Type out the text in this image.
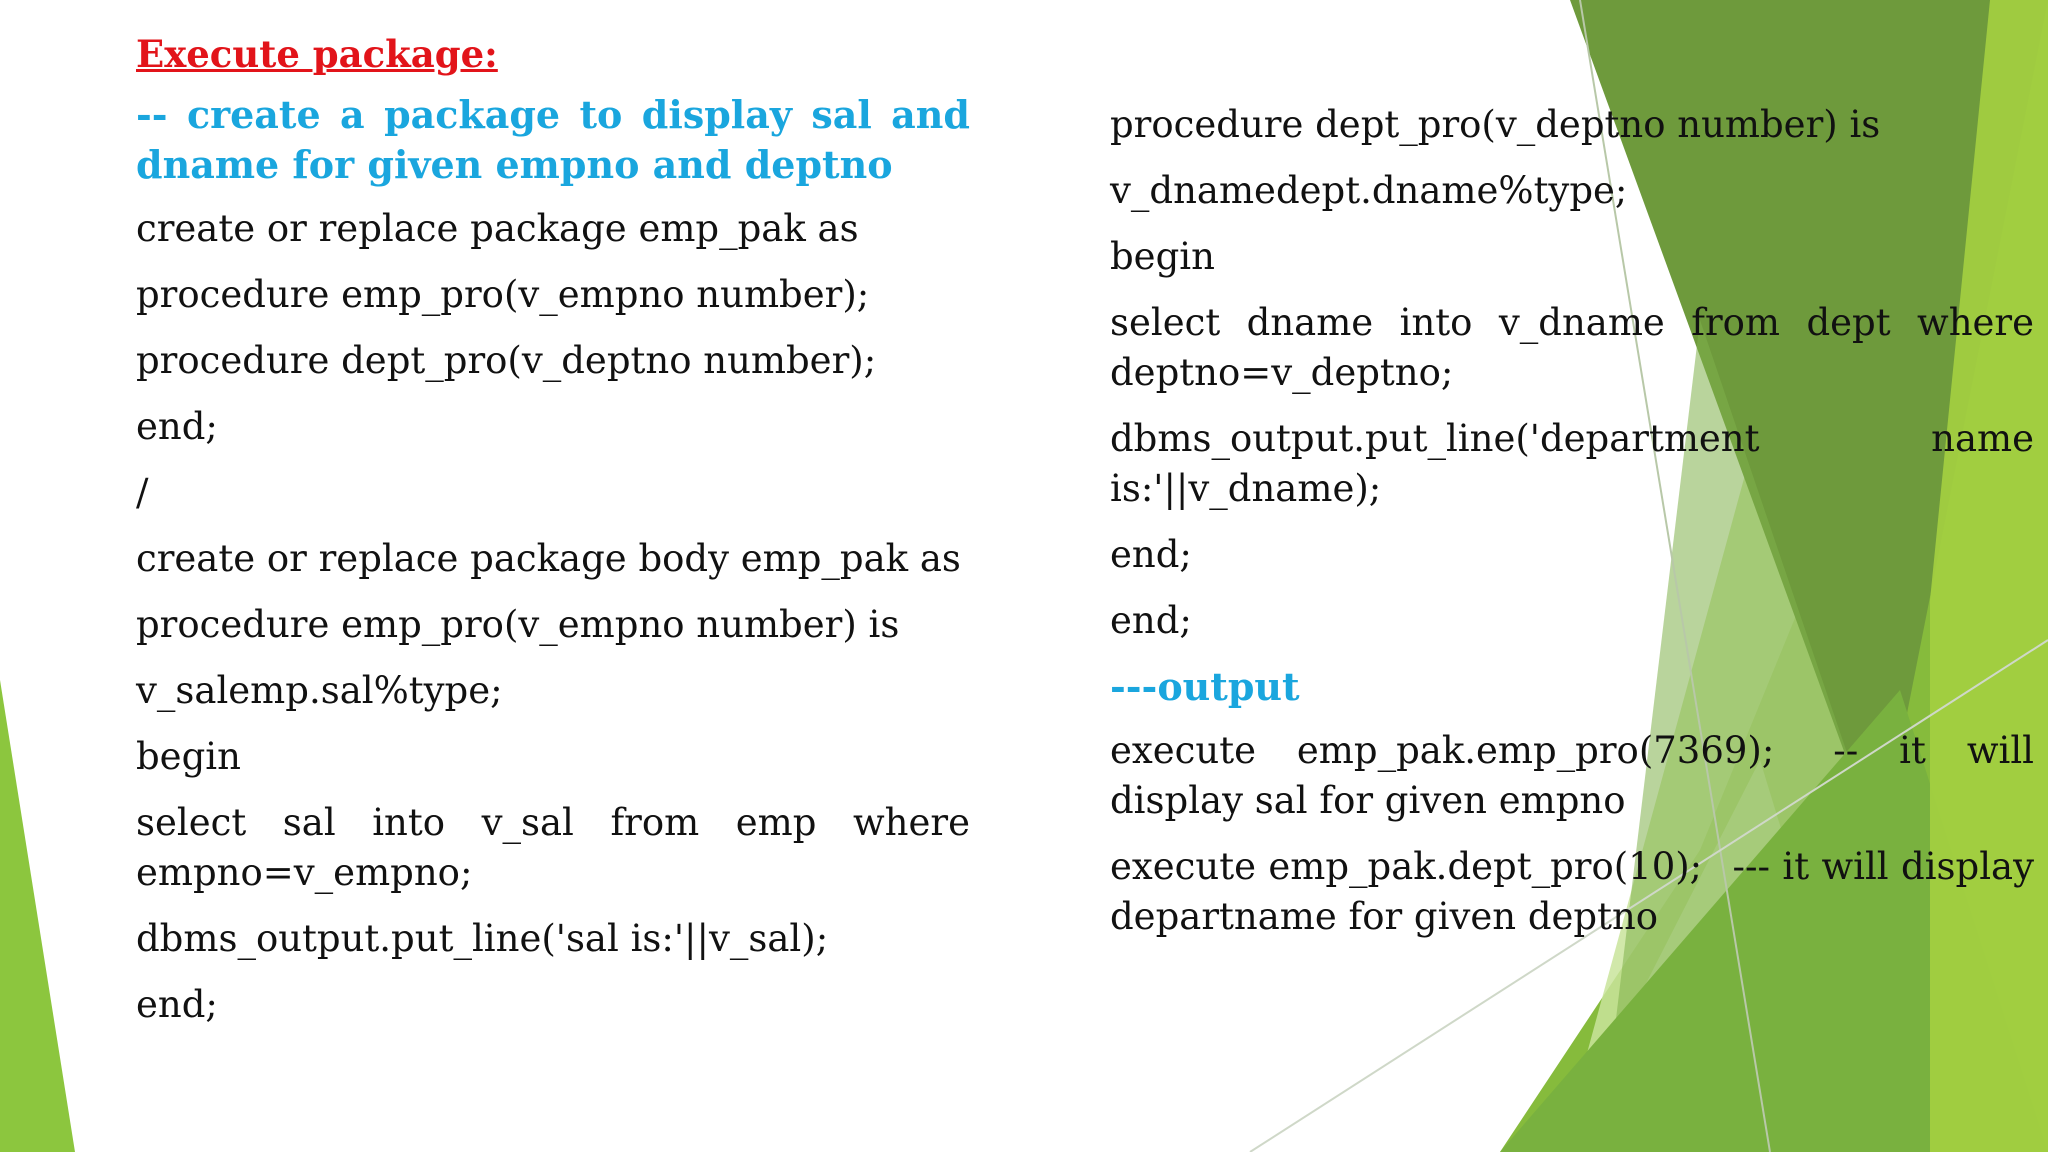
Execute package:
-- create a package to display sal and dname for given empno and deptno
create or replace package emp_pak as
procedure emp_pro(v_empno number);
procedure dept_pro(v_deptno number);
end;
/
create or replace package body emp_pak as
procedure emp_pro(v_empno number) is
v_salemp.sal%type;
begin
select sal into v_sal from emp where empno=v_empno;
dbms_output.put_line('sal is:'||v_sal);
end;
procedure dept_pro(v_deptno number) is
v_dnamedept.dname%type;
begin
select dname into v_dname from dept where deptno=v_deptno;
dbms_output.put_line('department name is:'||v_dname);
end;
end;
---output
execute emp_pak.emp_pro(7369); -- it will display sal for given empno
execute emp_pak.dept_pro(10); --- it will display departname for given deptno
